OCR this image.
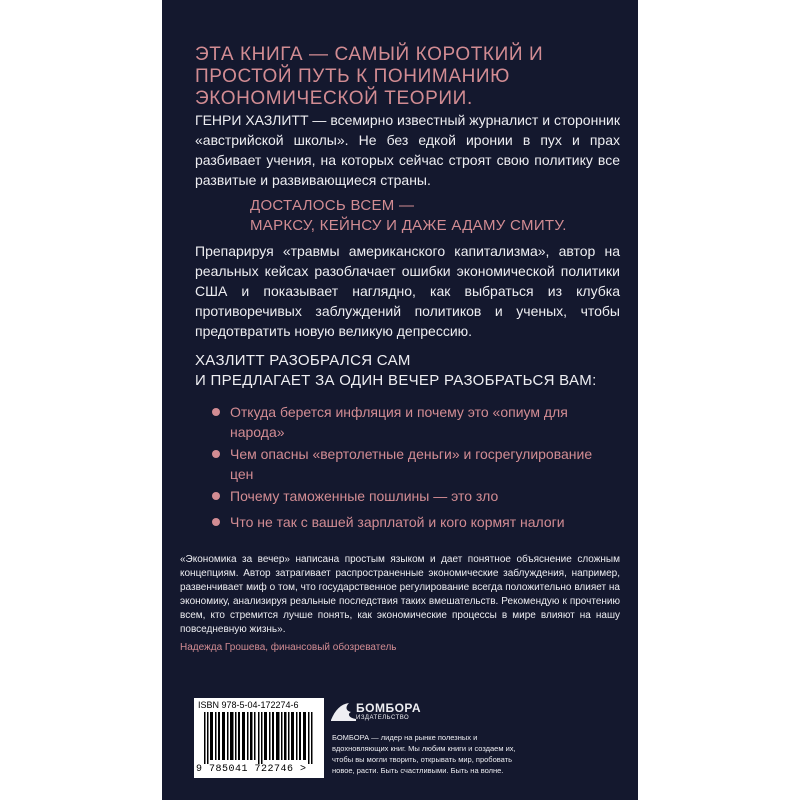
ЭТА КНИГА — САМЫЙ КОРОТКИЙ И ПРОСТОЙ ПУТЬ К ПОНИМАНИЮ ЭКОНОМИЧЕСКОЙ ТЕОРИИ.
ГЕНРИ ХАЗЛИТТ — всемирно известный журналист и сторонник «австрийской школы». Не без едкой иронии в пух и прах разбивает учения, на которых сейчас строят свою политику все развитые и развивающиеся страны.
ДОСТАЛОСЬ ВСЕМ —
МАРКСУ, КЕЙНСУ И ДАЖЕ АДАМУ СМИТУ.
Препарируя «травмы американского капитализма», автор на реальных кейсах разоблачает ошибки экономической политики США и показывает наглядно, как выбраться из клубка противоречивых заблуждений политиков и ученых, чтобы предотвратить новую великую депрессию.
ХАЗЛИТТ РАЗОБРАЛСЯ САМ
И ПРЕДЛАГАЕТ ЗА ОДИН ВЕЧЕР РАЗОБРАТЬСЯ ВАМ:
Откуда берется инфляция и почему это «опиум для народа»
Чем опасны «вертолетные деньги» и госрегулирование цен
Почему таможенные пошлины — это зло
Что не так с вашей зарплатой и кого кормят налоги
«Экономика за вечер» написана простым языком и дает понятное объяснение сложным концепциям. Автор затрагивает распространенные экономические заблуждения, например, развенчивает миф о том, что государственное регулирование всегда положительно влияет на экономику, анализируя реальные последствия таких вмешательств. Рекомендую к прочтению всем, кто стремится лучше понять, как экономические процессы в мире влияют на нашу повседневную жизнь».
Надежда Грошева, финансовый обозреватель
ISBN 978-5-04-172274-6
9 785041 722746 >
БОМБОРА
ИЗДАТЕЛЬСТВО
БОМБОРА — лидер на рынке полезных и вдохновляющих книг. Мы любим книги и создаем их, чтобы вы могли творить, открывать мир, пробовать новое, расти. Быть счастливыми. Быть на волне.
